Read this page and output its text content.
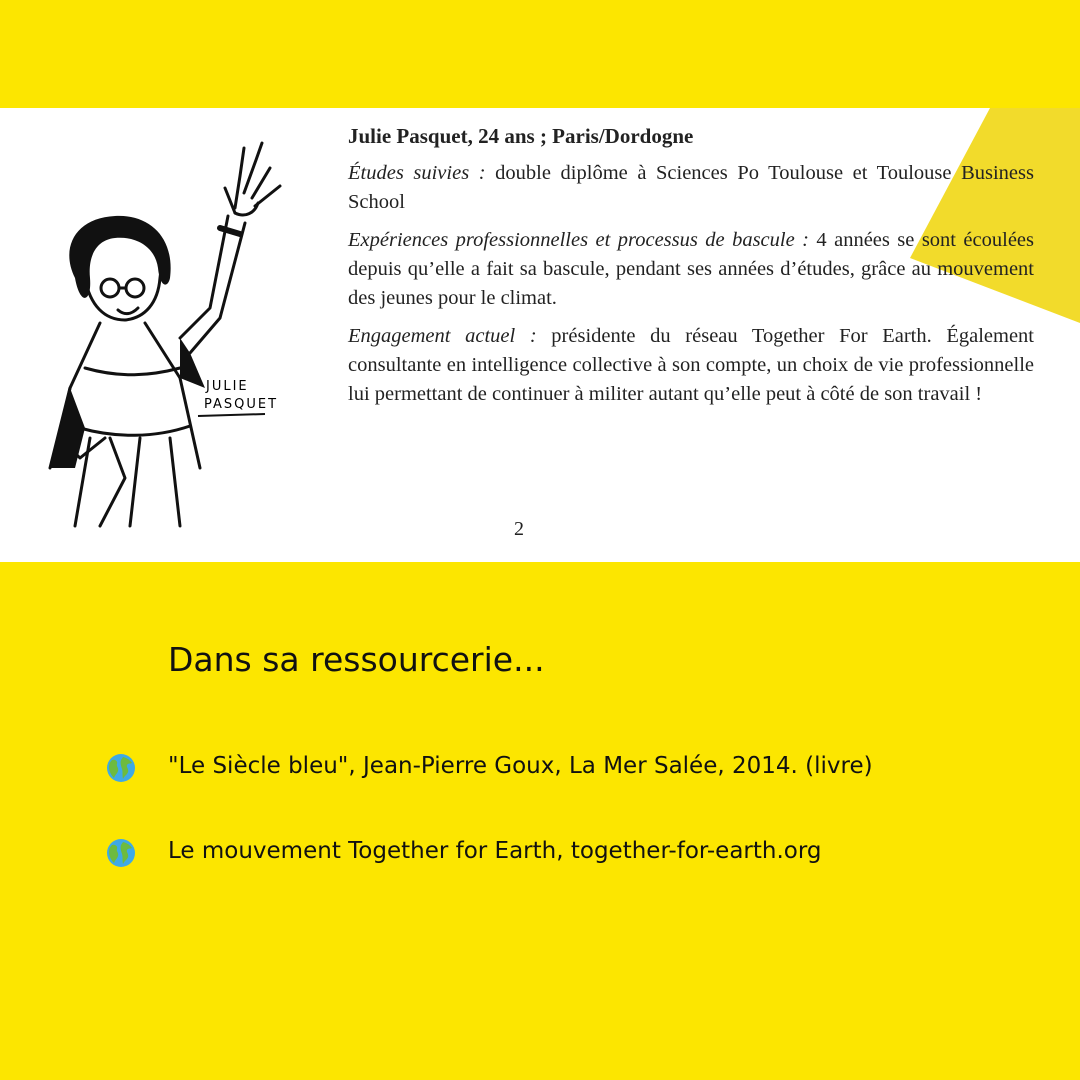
JULIE
PASQUET

Julie Pasquet, 24 ans ; Paris/Dordogne

Études suivies : double diplôme à Sciences Po Toulouse et Toulouse Business School

Expériences professionnelles et processus de bascule : 4 années se sont écoulées depuis qu’elle a fait sa bascule, pendant ses années d’études, grâce au mouvement des jeunes pour le climat.

Engagement actuel : présidente du réseau Together For Earth. Également consultante en intelligence collective à son compte, un choix de vie professionnelle lui permettant de continuer à militer autant qu’elle peut à côté de son travail !

2
Dans sa ressourcerie...
"Le Siècle bleu", Jean-Pierre Goux, La Mer Salée, 2014. (livre)
Le mouvement Together for Earth, together-for-earth.org
